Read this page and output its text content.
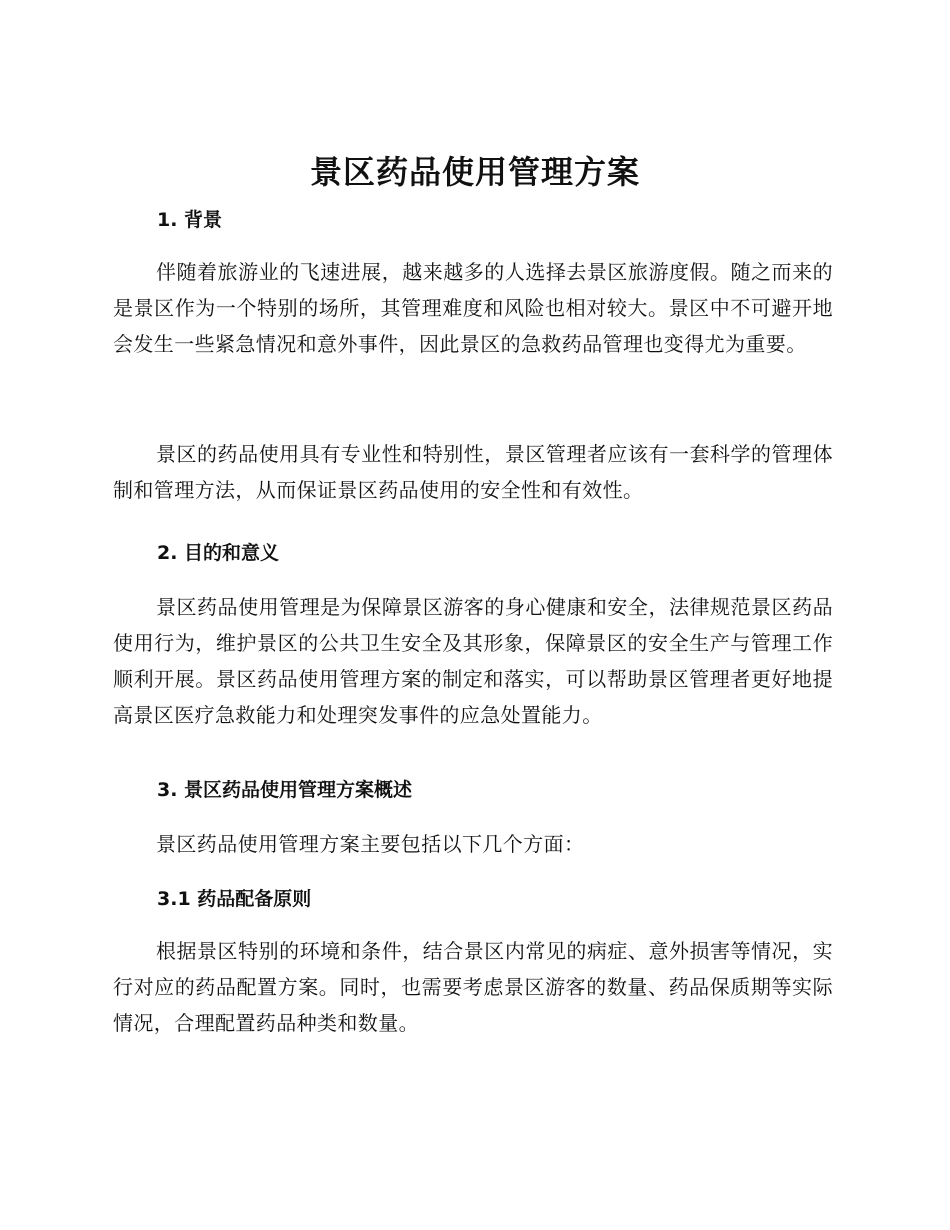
景区药品使用管理方案
1. 背景

伴随着旅游业的飞速进展，越来越多的人选择去景区旅游度假。随之而来的是景区作为一个特别的场所，其管理难度和风险也相对较大。景区中不可避开地会发生一些紧急情况和意外事件，因此景区的急救药品管理也变得尤为重要。

景区的药品使用具有专业性和特别性，景区管理者应该有一套科学的管理体制和管理方法，从而保证景区药品使用的安全性和有效性。

2. 目的和意义

景区药品使用管理是为保障景区游客的身心健康和安全，法律规范景区药品使用行为，维护景区的公共卫生安全及其形象，保障景区的安全生产与管理工作顺利开展。景区药品使用管理方案的制定和落实，可以帮助景区管理者更好地提高景区医疗急救能力和处理突发事件的应急处置能力。

3. 景区药品使用管理方案概述

景区药品使用管理方案主要包括以下几个方面：

3.1 药品配备原则

根据景区特别的环境和条件，结合景区内常见的病症、意外损害等情况，实行对应的药品配置方案。同时，也需要考虑景区游客的数量、药品保质期等实际情况，合理配置药品种类和数量。
